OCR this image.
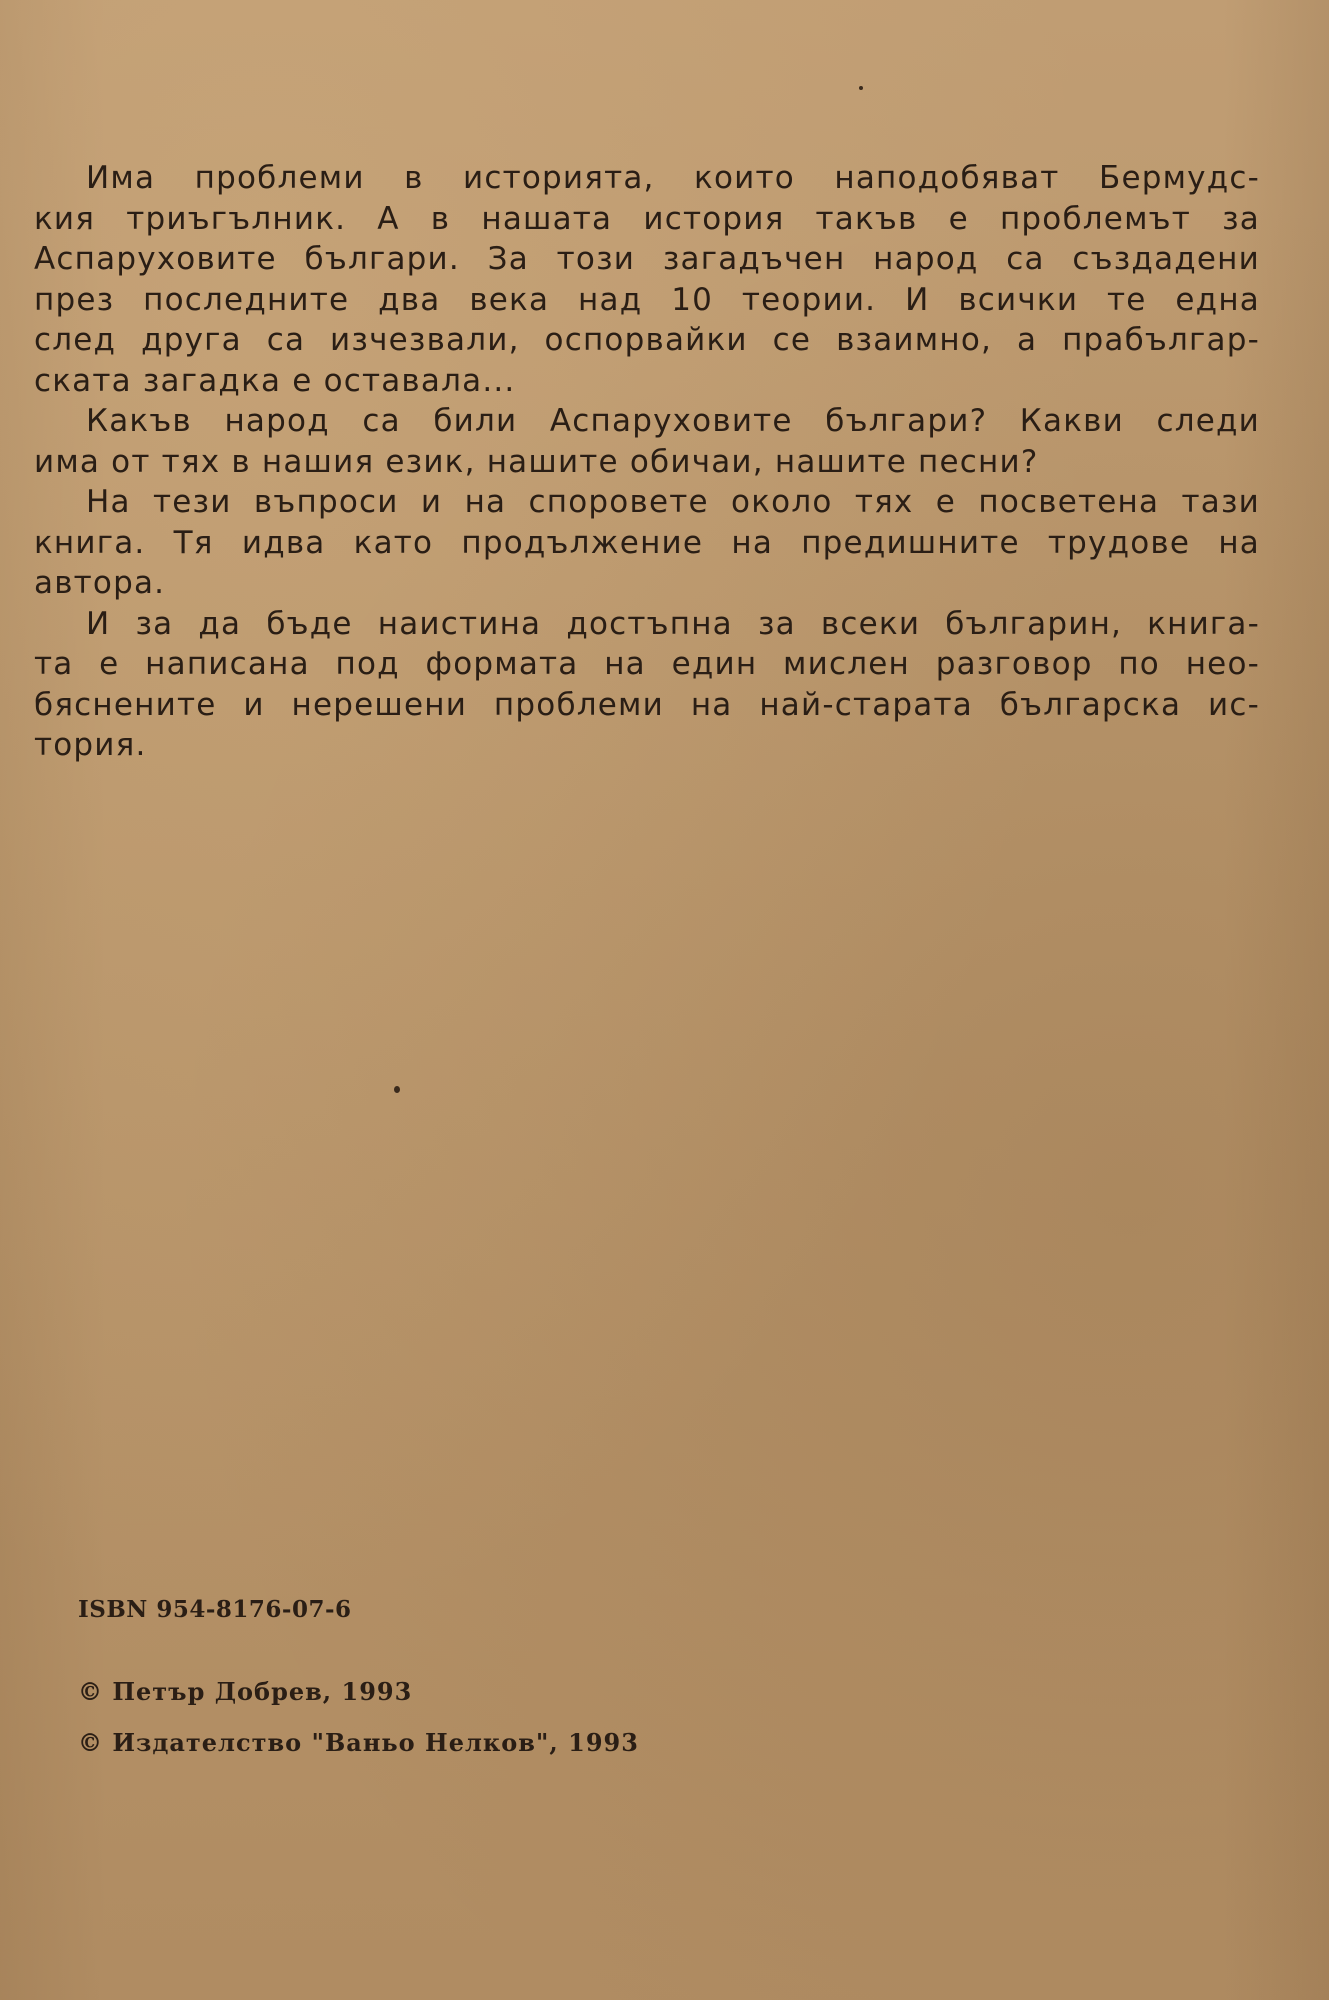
Има проблеми в историята, които наподобяват Бермудс-
кия триъгълник. А в нашата история такъв е проблемът за
Аспаруховите българи. За този загадъчен народ са създадени
през последните два века над 10 теории. И всички те една
след друга са изчезвали, оспорвайки се взаимно, а прабългар-
ската загадка е оставала...
Какъв народ са били Аспаруховите българи? Какви следи
има от тях в нашия език, нашите обичаи, нашите песни?
На тези въпроси и на споровете около тях е посветена тази
книга. Тя идва като продължение на предишните трудове на
автора.
И за да бъде наистина достъпна за всеки българин, книга-
та е написана под формата на един мислен разговор по нео-
бяснените и нерешени проблеми на най-старата българска ис-
тория.
ISBN 954-8176-07-6
© Петър Добрев, 1993
© Издателство "Ваньо Нелков", 1993
